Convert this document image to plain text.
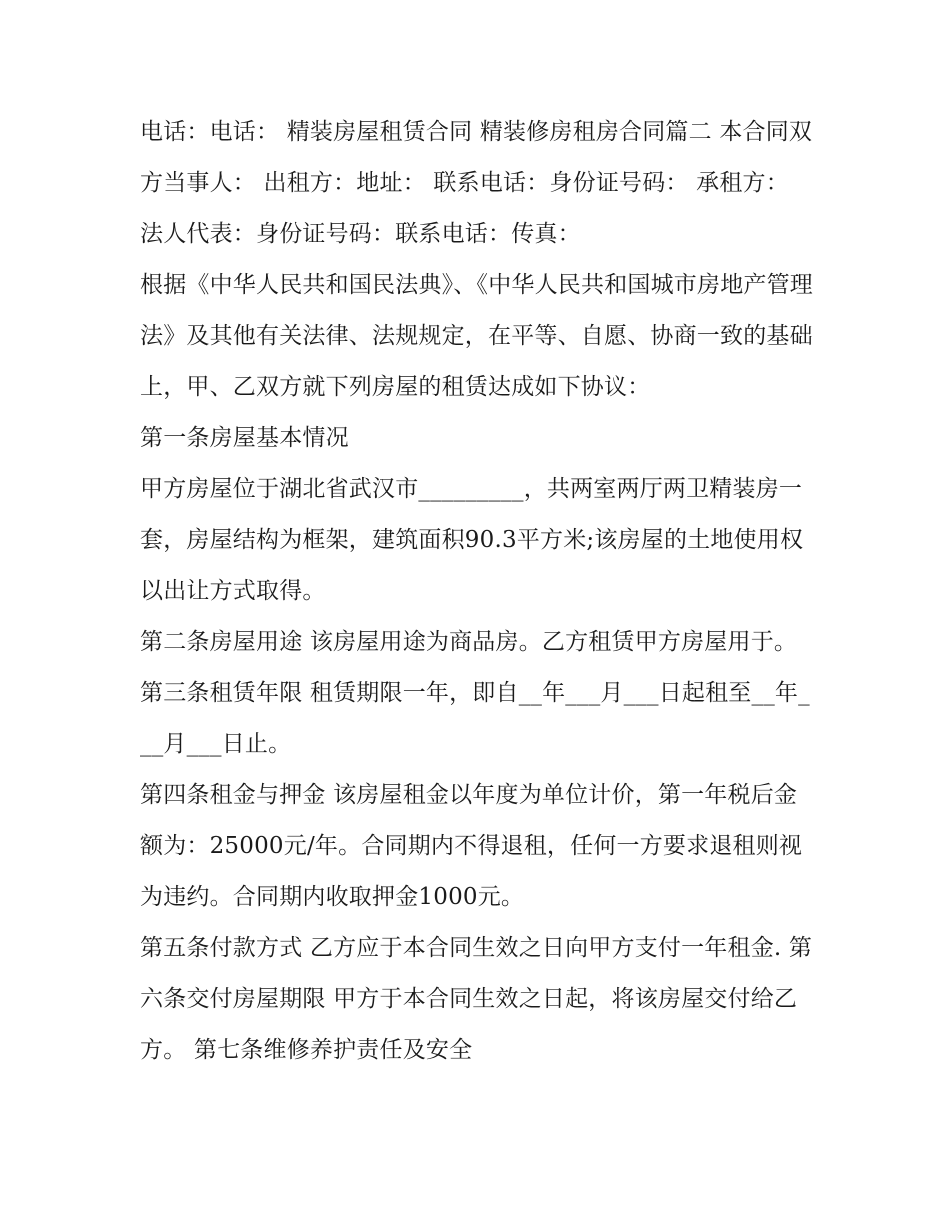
电话：电话： 精装房屋租赁合同 精装修房租房合同篇二 本合同双方当事人： 出租方：地址： 联系电话：身份证号码： 承租方：

法人代表：身份证号码：联系电话：传真：

根据《中华人民共和国民法典》、《中华人民共和国城市房地产管理法》及其他有关法律、法规规定，在平等、自愿、协商一致的基础上，甲、乙双方就下列房屋的租赁达成如下协议：

第一条房屋基本情况

甲方房屋位于湖北省武汉市_________，共两室两厅两卫精装房一套，房屋结构为框架，建筑面积90.3平方米;该房屋的土地使用权以出让方式取得。

第二条房屋用途 该房屋用途为商品房。乙方租赁甲方房屋用于。 第三条租赁年限 租赁期限一年，即自__年___月___日起租至__年___月___日止。

第四条租金与押金 该房屋租金以年度为单位计价，第一年税后金额为：25000元/年。合同期内不得退租，任何一方要求退租则视为违约。合同期内收取押金1000元。

第五条付款方式 乙方应于本合同生效之日向甲方支付一年租金. 第六条交付房屋期限 甲方于本合同生效之日起，将该房屋交付给乙方。 第七条维修养护责任及安全
